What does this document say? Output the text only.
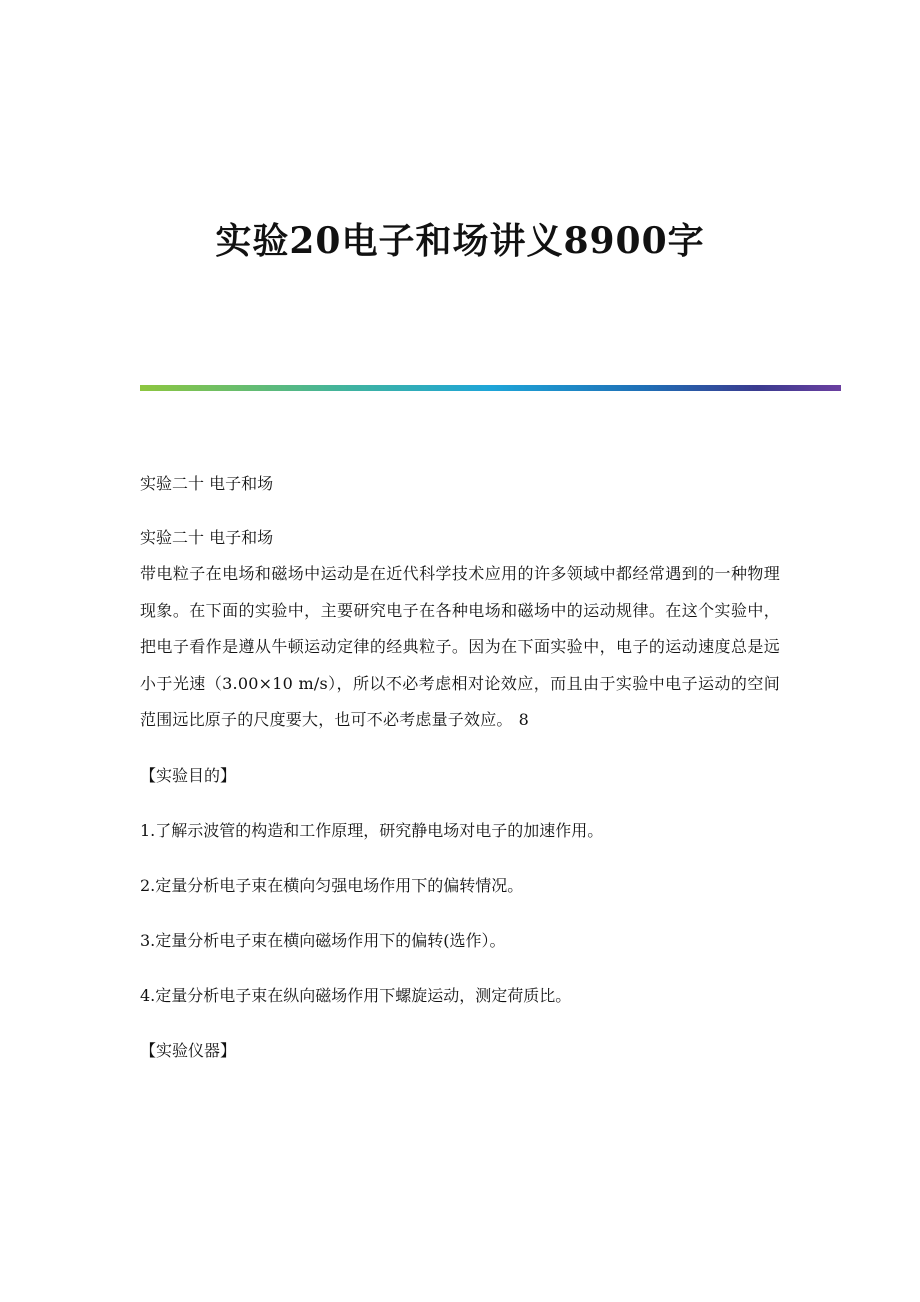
实验20电子和场讲义8900字

实验二十 电子和场

实验二十 电子和场

带电粒子在电场和磁场中运动是在近代科学技术应用的许多领域中都经常遇到的一种物理现象。在下面的实验中，主要研究电子在各种电场和磁场中的运动规律。在这个实验中，把电子看作是遵从牛顿运动定律的经典粒子。因为在下面实验中，电子的运动速度总是远小于光速（3.00×10 m/s），所以不必考虑相对论效应，而且由于实验中电子运动的空间范围远比原子的尺度要大，也可不必考虑量子效应。 8

【实验目的】

1.了解示波管的构造和工作原理，研究静电场对电子的加速作用。

2.定量分析电子束在横向匀强电场作用下的偏转情况。

3.定量分析电子束在横向磁场作用下的偏转(选作）。

4.定量分析电子束在纵向磁场作用下螺旋运动，测定荷质比。

【实验仪器】
